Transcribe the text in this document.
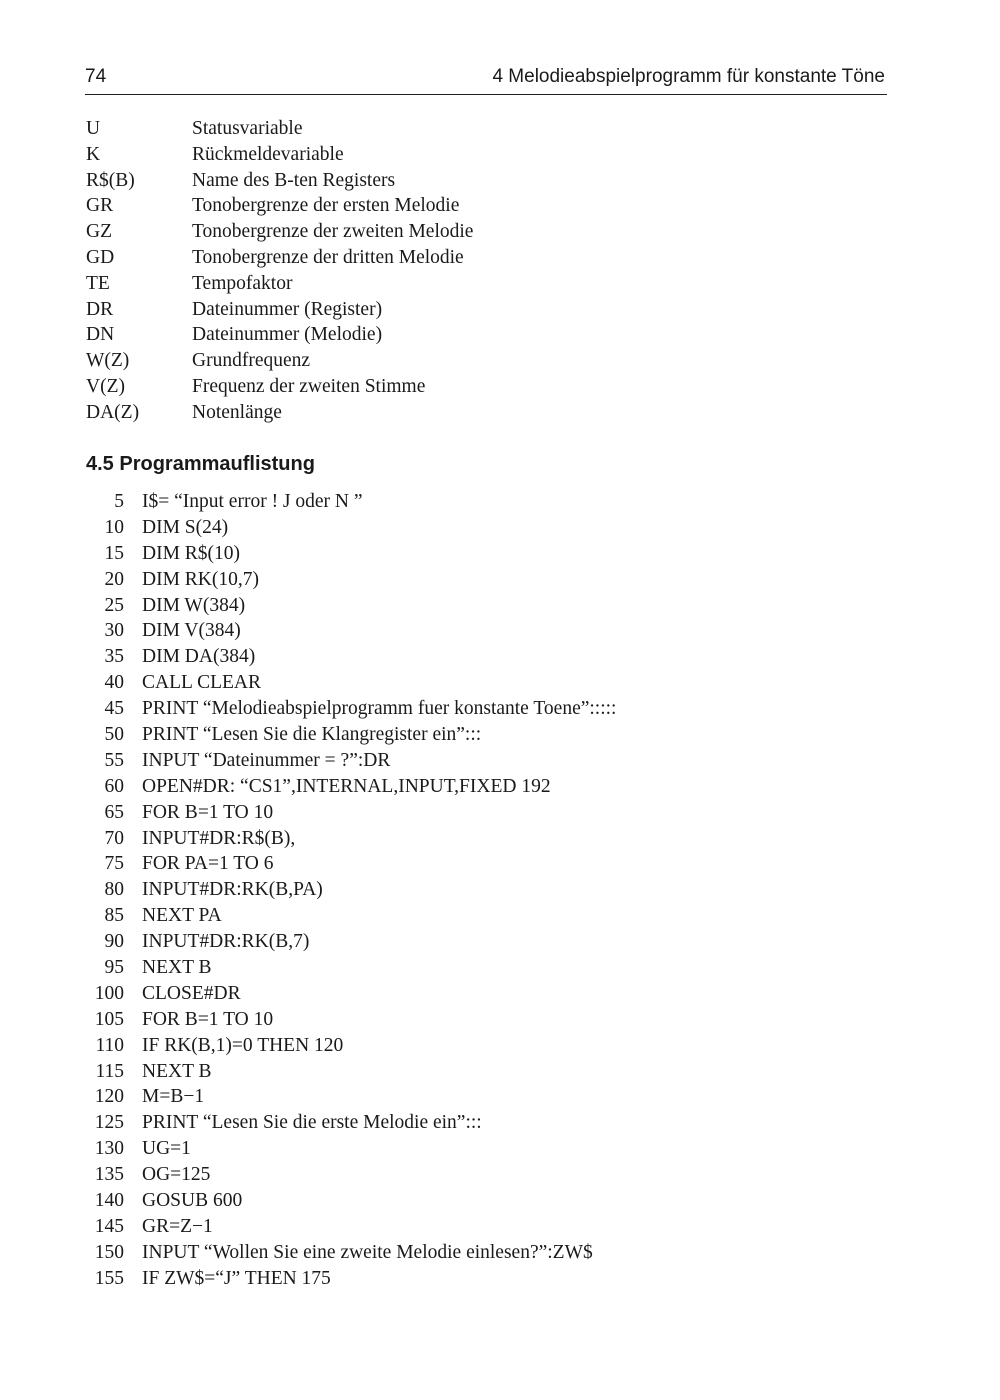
74	4 Melodieabspielprogramm für konstante Töne
U	Statusvariable
K	Rückmeldevariable
R$(B)	Name des B-ten Registers
GR	Tonobergrenze der ersten Melodie
GZ	Tonobergrenze der zweiten Melodie
GD	Tonobergrenze der dritten Melodie
TE	Tempofaktor
DR	Dateinummer (Register)
DN	Dateinummer (Melodie)
W(Z)	Grundfrequenz
V(Z)	Frequenz der zweiten Stimme
DA(Z)	Notenlänge
4.5 Programmauflistung
5 I$= “Input error ! J oder N ”
10 DIM S(24)
15 DIM R$(10)
20 DIM RK(10,7)
25 DIM W(384)
30 DIM V(384)
35 DIM DA(384)
40 CALL CLEAR
45 PRINT “Melodieabspielprogramm fuer konstante Toene”:::::
50 PRINT “Lesen Sie die Klangregister ein”:::
55 INPUT “Dateinummer = ?”:DR
60 OPEN#DR: “CS1”,INTERNAL,INPUT,FIXED 192
65 FOR B=1 TO 10
70 INPUT#DR:R$(B),
75 FOR PA=1 TO 6
80 INPUT#DR:RK(B,PA)
85 NEXT PA
90 INPUT#DR:RK(B,7)
95 NEXT B
100 CLOSE#DR
105 FOR B=1 TO 10
110 IF RK(B,1)=0 THEN 120
115 NEXT B
120 M=B−1
125 PRINT “Lesen Sie die erste Melodie ein”:::
130 UG=1
135 OG=125
140 GOSUB 600
145 GR=Z−1
150 INPUT “Wollen Sie eine zweite Melodie einlesen?”:ZW$
155 IF ZW$=“J” THEN 175
